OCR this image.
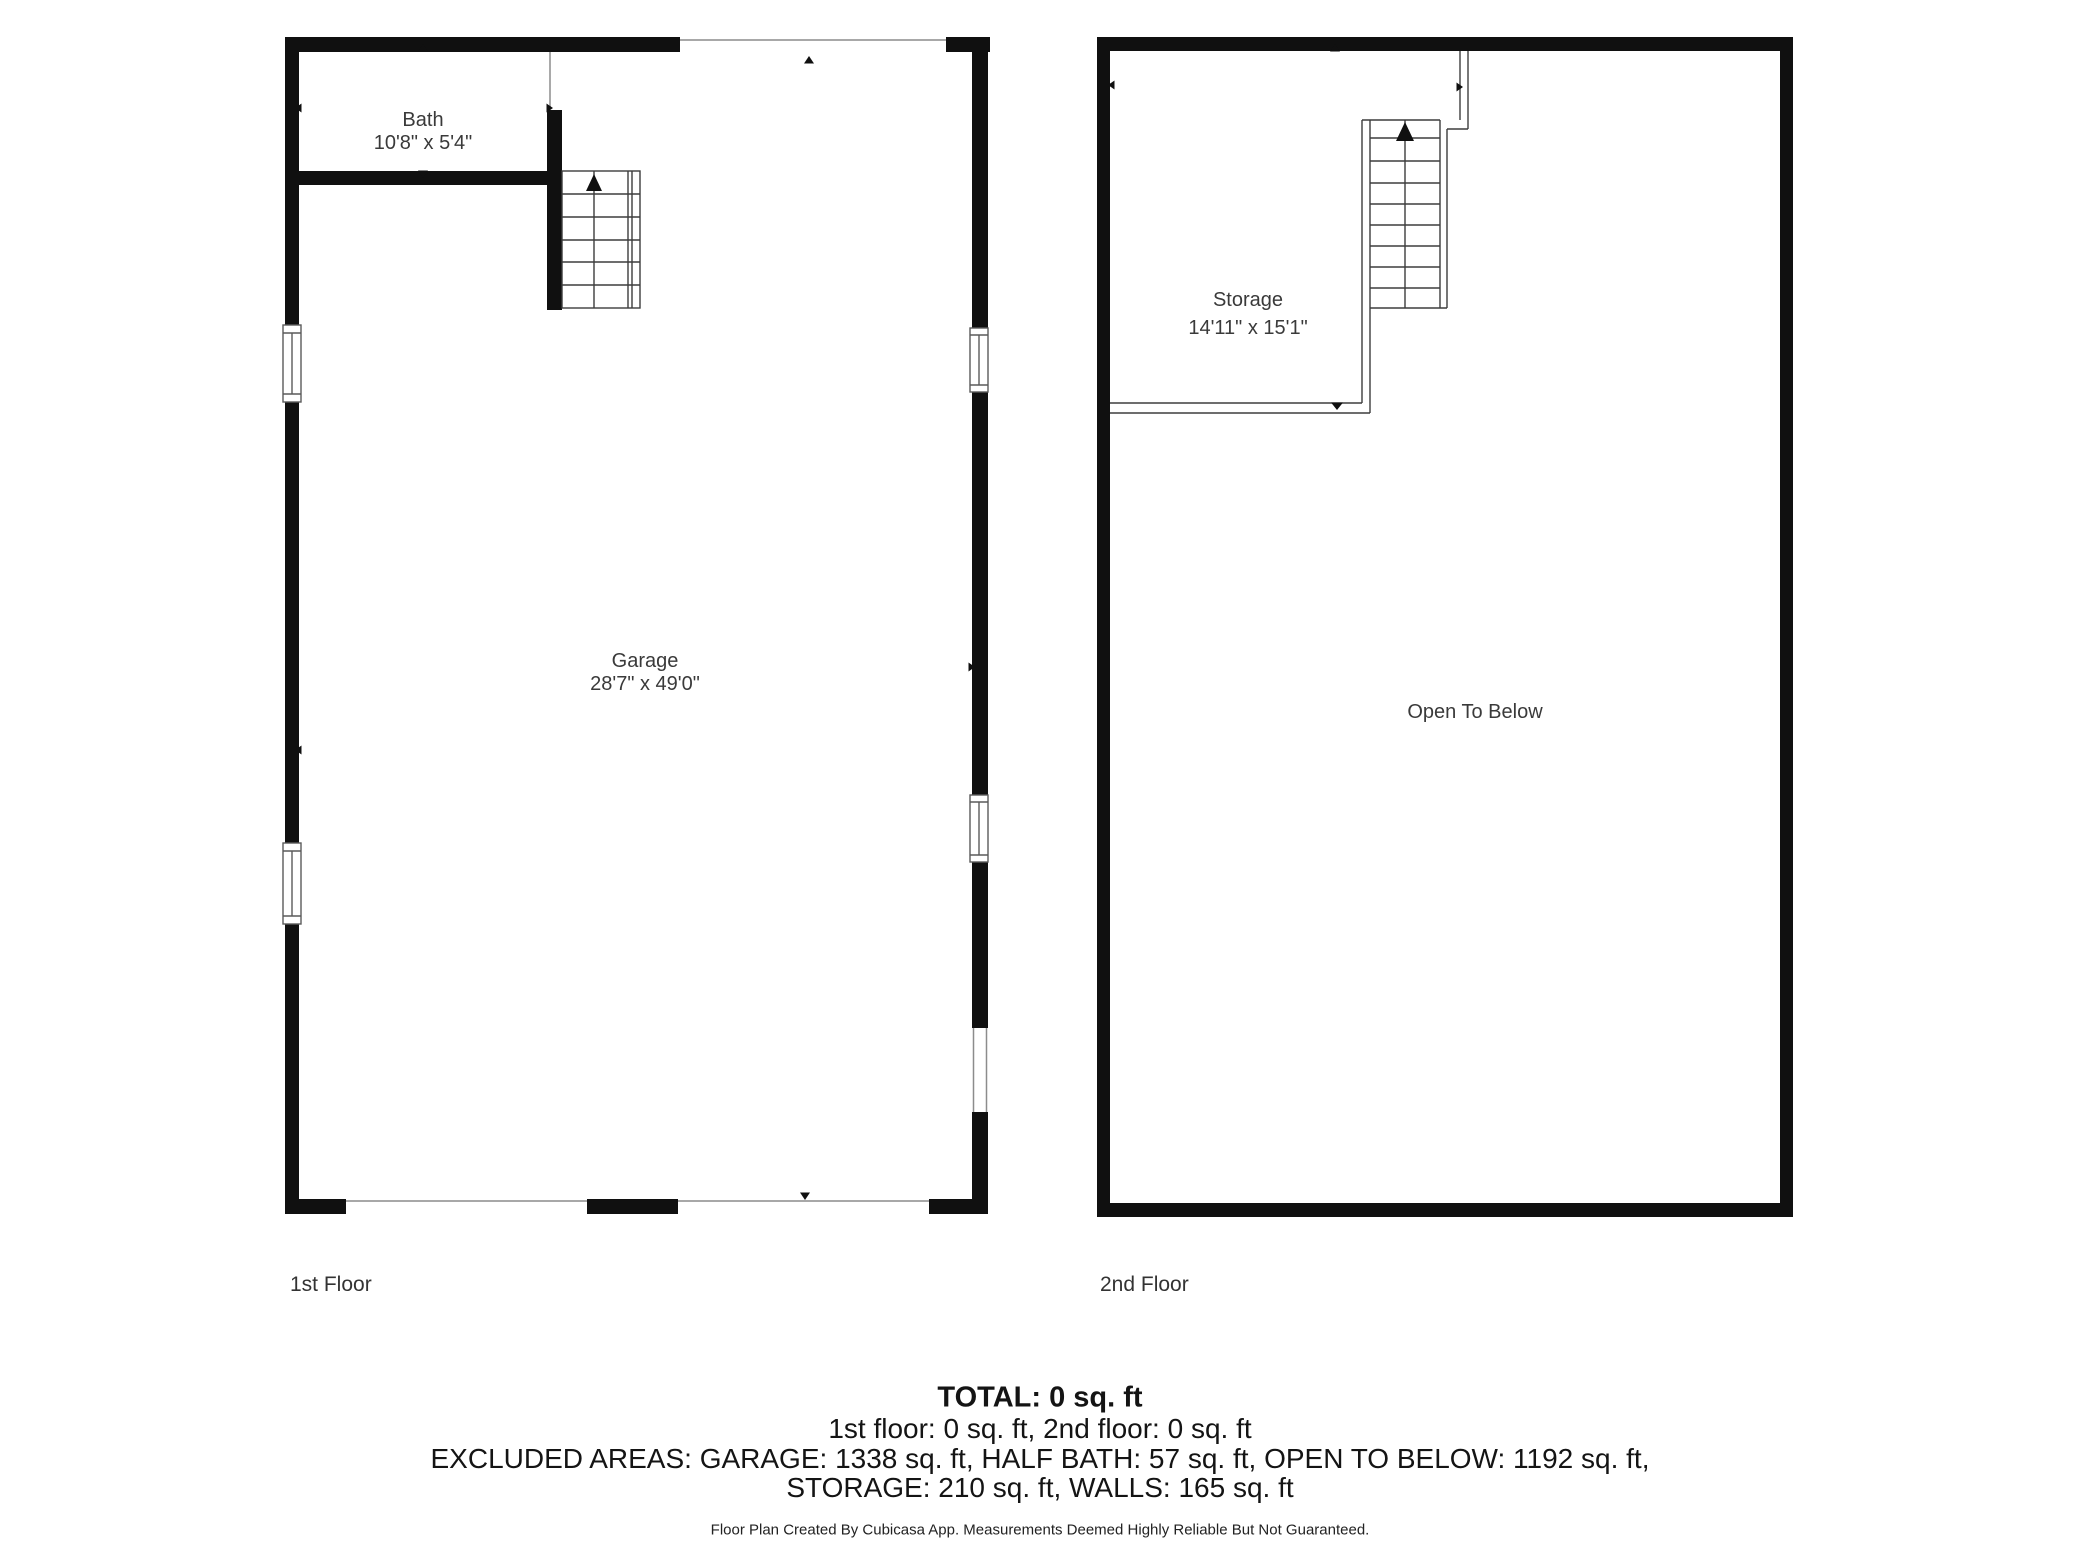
Bath
10'8" x 5'4"
Garage
28'7" x 49'0"
Storage
14'11" x 15'1"
Open To Below
1st Floor	2nd Floor
TOTAL: 0 sq. ft
1st floor: 0 sq. ft, 2nd floor: 0 sq. ft
EXCLUDED AREAS: GARAGE: 1338 sq. ft, HALF BATH: 57 sq. ft, OPEN TO BELOW: 1192 sq. ft,
STORAGE: 210 sq. ft, WALLS: 165 sq. ft
Floor Plan Created By Cubicasa App. Measurements Deemed Highly Reliable But Not Guaranteed.
